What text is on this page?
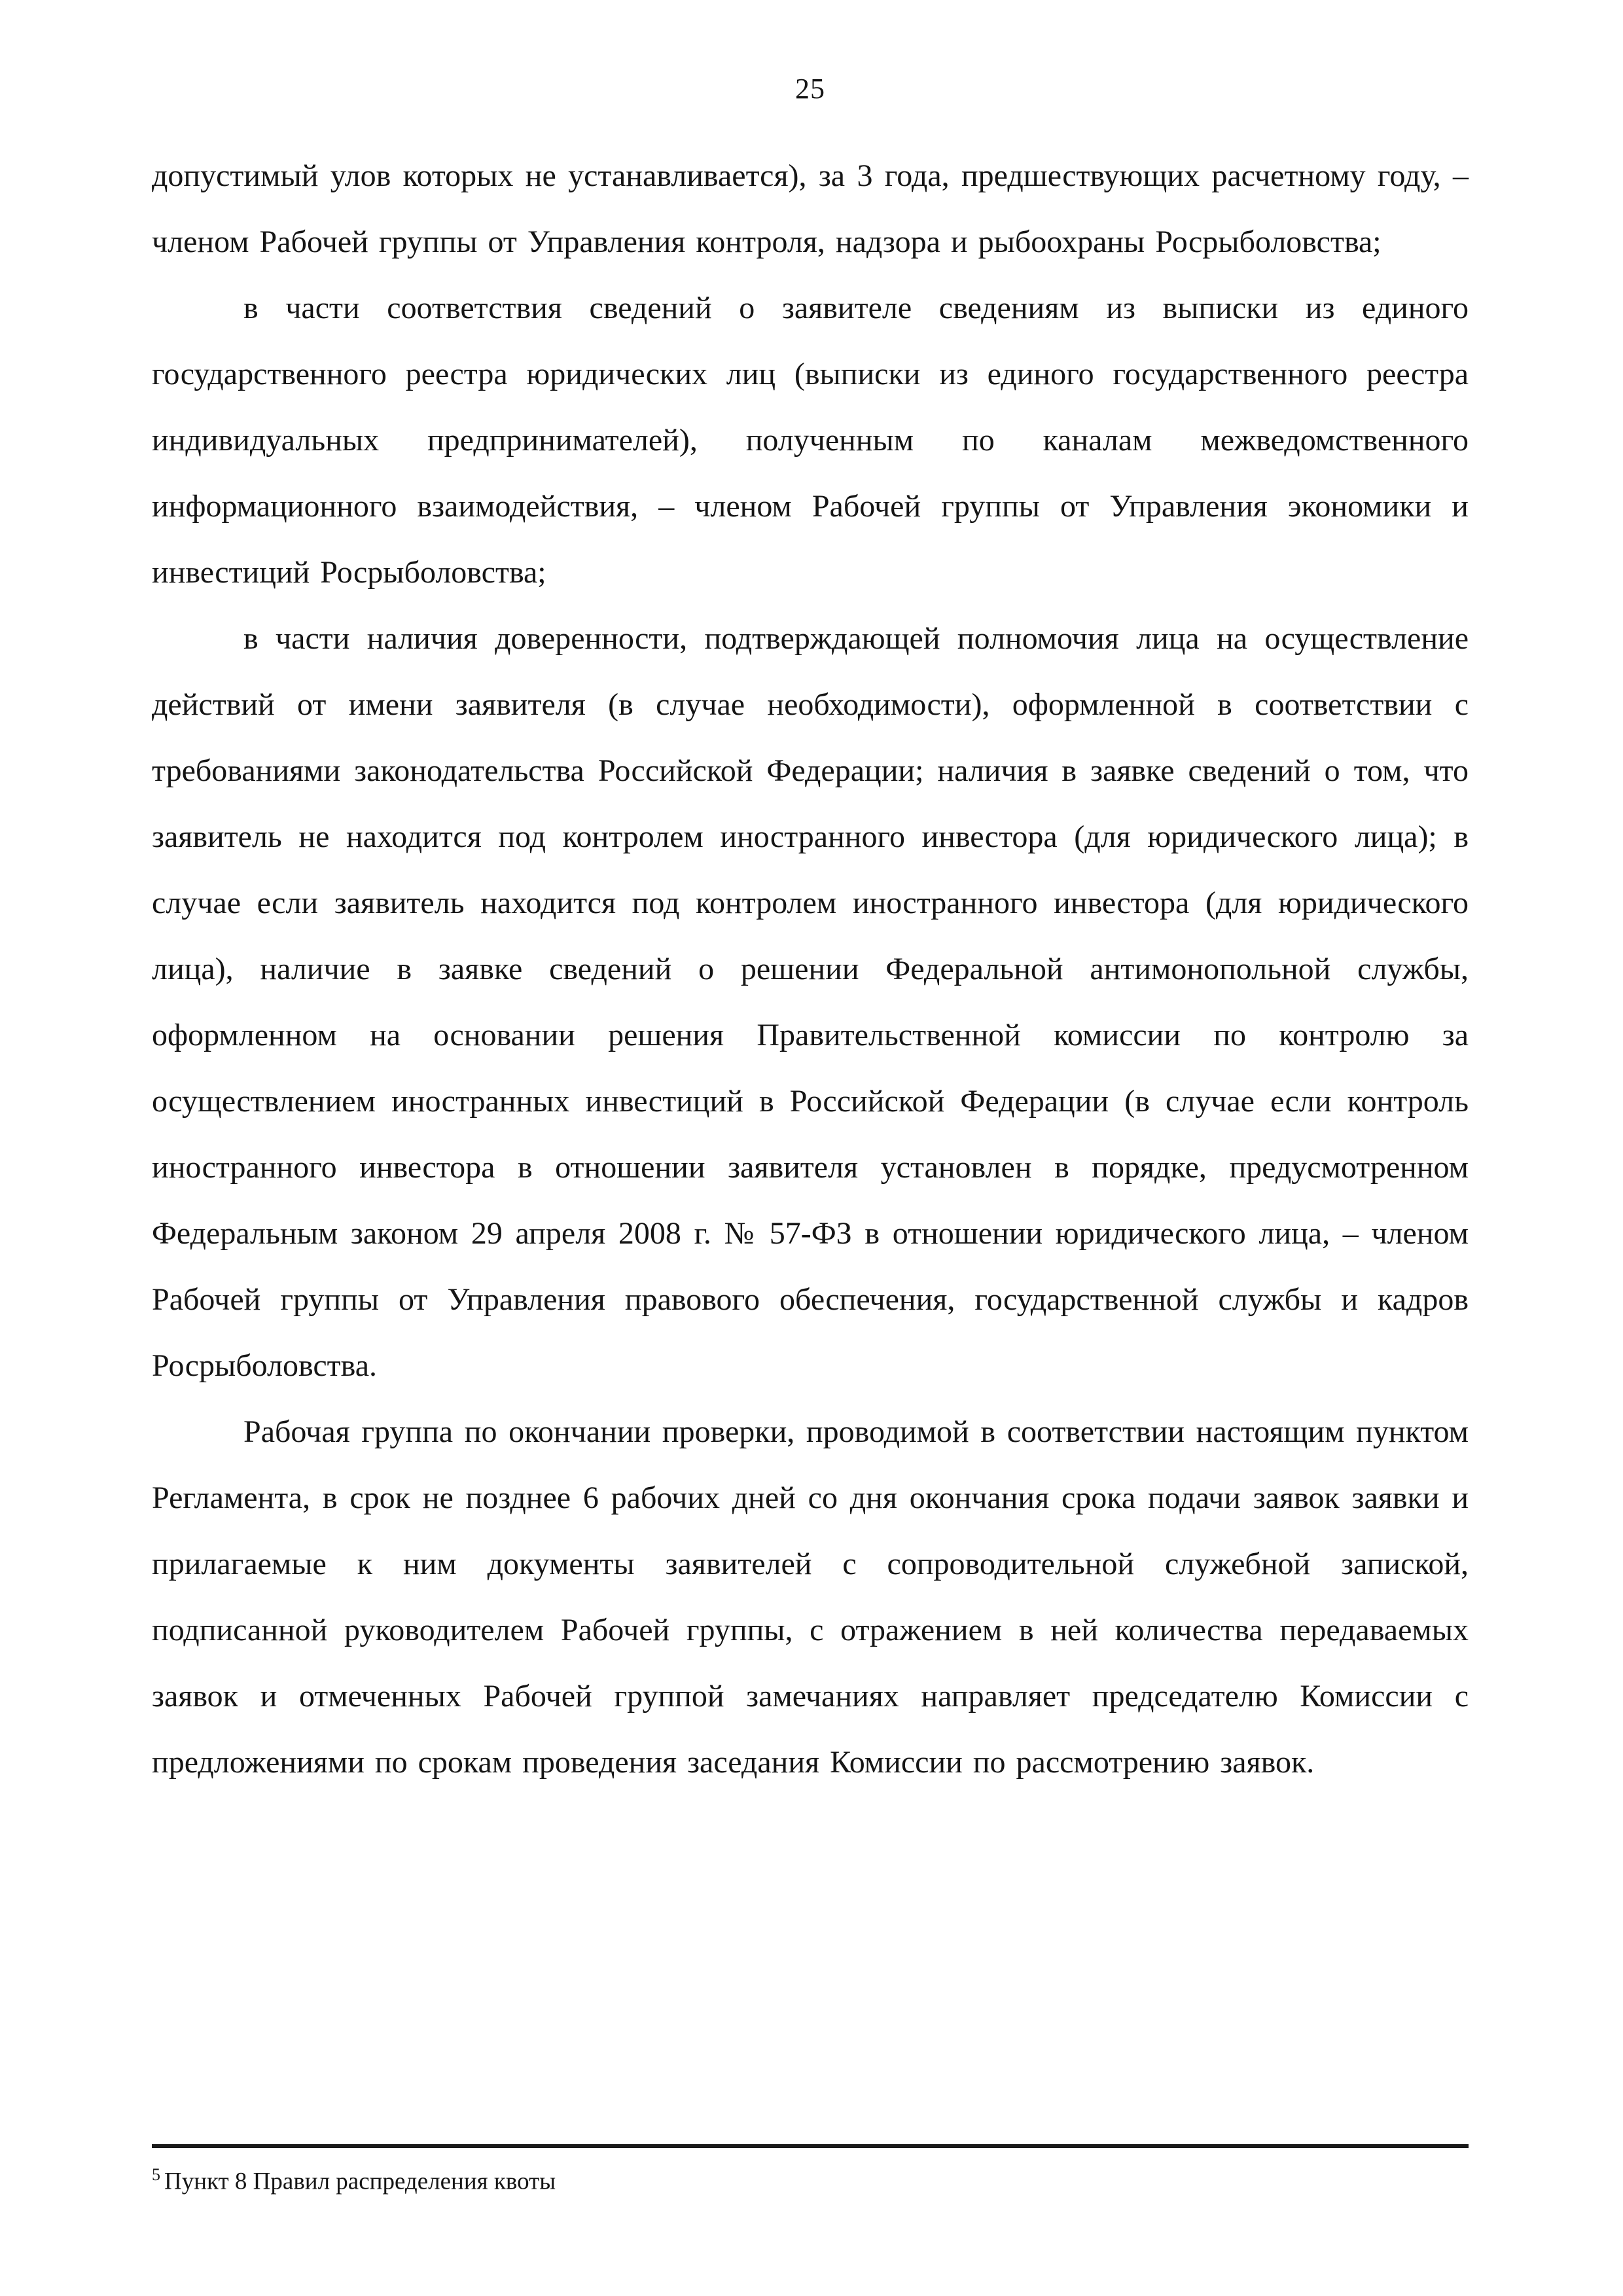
25

допустимый улов которых не устанавливается), за 3 года, предшествующих расчетному году, – членом Рабочей группы от Управления контроля, надзора и рыбоохраны Росрыболовства;

в части соответствия сведений о заявителе сведениям из выписки из единого государственного реестра юридических лиц (выписки из единого государственного реестра индивидуальных предпринимателей), полученным по каналам межведомственного информационного взаимодействия, – членом Рабочей группы от Управления экономики и инвестиций Росрыболовства;

в части наличия доверенности, подтверждающей полномочия лица на осуществление действий от имени заявителя (в случае необходимости), оформленной в соответствии с требованиями законодательства Российской Федерации; наличия в заявке сведений о том, что заявитель не находится под контролем иностранного инвестора (для юридического лица); в случае если заявитель находится под контролем иностранного инвестора (для юридического лица), наличие в заявке сведений о решении Федеральной антимонопольной службы, оформленном на основании решения Правительственной комиссии по контролю за осуществлением иностранных инвестиций в Российской Федерации (в случае если контроль иностранного инвестора в отношении заявителя установлен в порядке, предусмотренном Федеральным законом 29 апреля 2008 г. № 57-ФЗ в отношении юридического лица, – членом Рабочей группы от Управления правового обеспечения, государственной службы и кадров Росрыболовства.

Рабочая группа по окончании проверки, проводимой в соответствии настоящим пунктом Регламента, в срок не позднее 6 рабочих дней со дня окончания срока подачи заявок заявки и прилагаемые к ним документы заявителей с сопроводительной служебной запиской, подписанной руководителем Рабочей группы, с отражением в ней количества передаваемых заявок и отмеченных Рабочей группой замечаниях направляет председателю Комиссии с предложениями по срокам проведения заседания Комиссии по рассмотрению заявок.

$^5$ Пункт 8 Правил распределения квоты
